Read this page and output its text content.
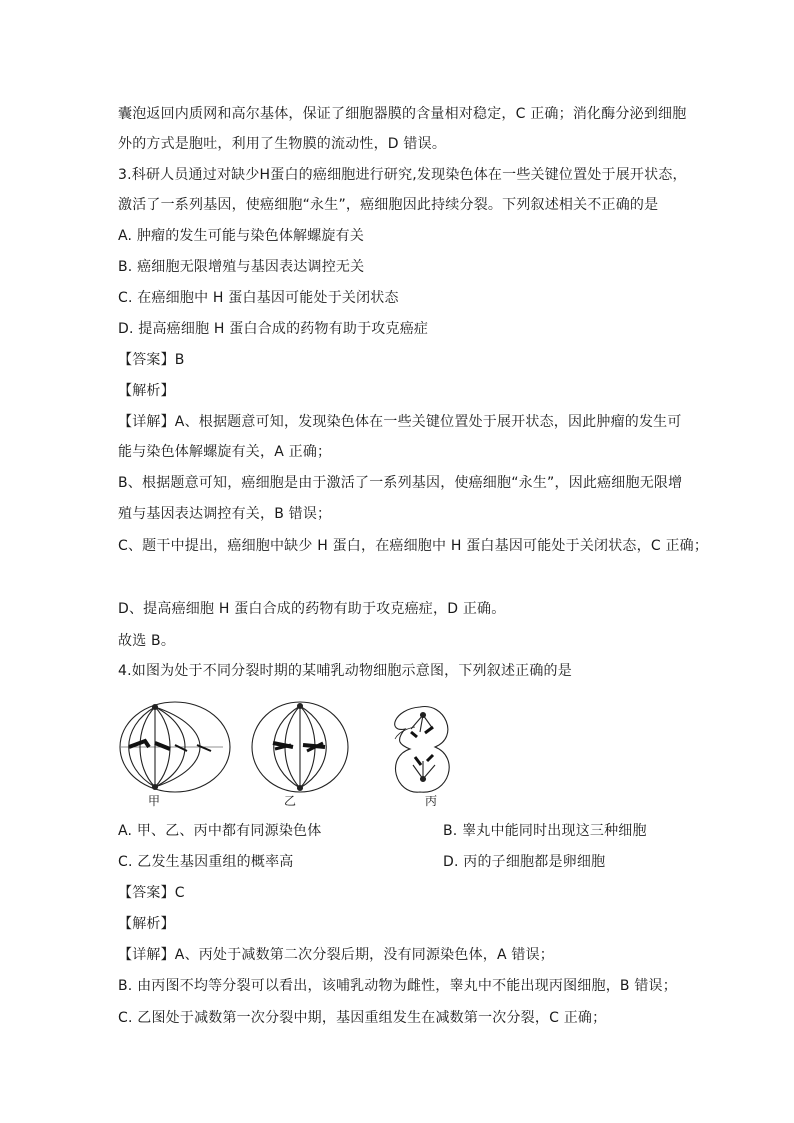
囊泡返回内质网和高尔基体，保证了细胞器膜的含量相对稳定，C 正确；消化酶分泌到细胞
外的方式是胞吐，利用了生物膜的流动性，D 错误。
3.科研人员通过对缺少H蛋白的癌细胞进行研究,发现染色体在一些关键位置处于展开状态，
激活了一系列基因，使癌细胞“永生”，癌细胞因此持续分裂。下列叙述相关不正确的是
A. 肿瘤的发生可能与染色体解螺旋有关
B. 癌细胞无限增殖与基因表达调控无关
C. 在癌细胞中 H 蛋白基因可能处于关闭状态
D. 提高癌细胞 H 蛋白合成的药物有助于攻克癌症
【答案】B
【解析】
【详解】A、根据题意可知，发现染色体在一些关键位置处于展开状态，因此肿瘤的发生可
能与染色体解螺旋有关，A 正确；
B、根据题意可知，癌细胞是由于激活了一系列基因，使癌细胞“永生”，因此癌细胞无限增
殖与基因表达调控有关，B 错误；
C、题干中提出，癌细胞中缺少 H 蛋白，在癌细胞中 H 蛋白基因可能处于关闭状态，C 正确；
D、提高癌细胞 H 蛋白合成的药物有助于攻克癌症，D 正确。
故选 B。
4.如图为处于不同分裂时期的某哺乳动物细胞示意图，下列叙述正确的是
甲	乙	丙
A. 甲、乙、丙中都有同源染色体	B. 睾丸中能同时出现这三种细胞
C. 乙发生基因重组的概率高	D. 丙的子细胞都是卵细胞
【答案】C
【解析】
【详解】A、丙处于减数第二次分裂后期，没有同源染色体，A 错误；
B. 由丙图不均等分裂可以看出，该哺乳动物为雌性，睾丸中不能出现丙图细胞，B 错误；
C. 乙图处于减数第一次分裂中期，基因重组发生在减数第一次分裂，C 正确；
